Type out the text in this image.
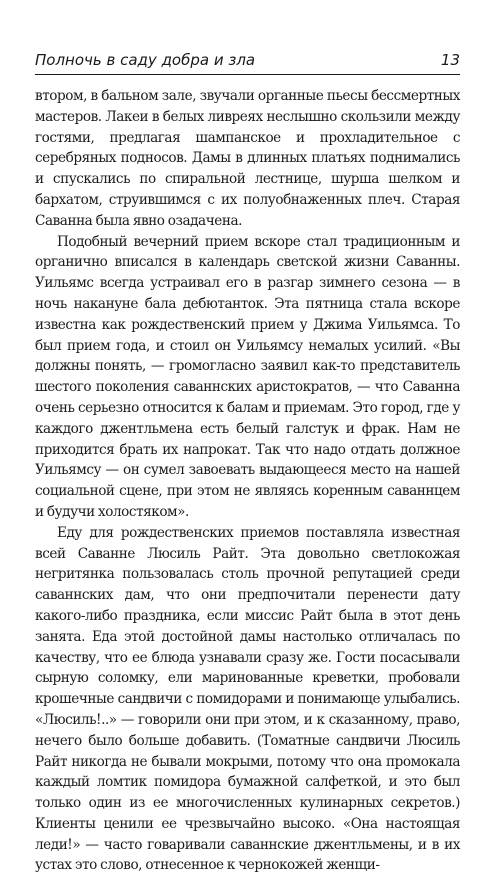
Полночь в саду добра и зла	13

втором, в бальном зале, звучали органные пьесы бессмертных мастеров. Лакеи в белых ливреях неслышно скользили между гостями, предлагая шампанское и прохладительное с серебряных подносов. Дамы в длинных платьях поднимались и спускались по спиральной лестнице, шурша шелком и бархатом, струившимся с их полуобнаженных плеч. Старая Саванна была явно озадачена.

Подобный вечерний прием вскоре стал традиционным и органично вписался в календарь светской жизни Саванны. Уильямс всегда устраивал его в разгар зимнего сезона — в ночь накануне бала дебютанток. Эта пятница стала вскоре известна как рождественский прием у Джима Уильямса. То был прием года, и стоил он Уильямсу немалых усилий. «Вы должны понять, — громогласно заявил как-то представитель шестого поколения саваннских аристократов, — что Саванна очень серьезно относится к балам и приемам. Это город, где у каждого джентльмена есть белый галстук и фрак. Нам не приходится брать их напрокат. Так что надо отдать должное Уильямсу — он сумел завоевать выдающееся место на нашей социальной сцене, при этом не являясь коренным саваннцем и будучи холостяком».

Еду для рождественских приемов поставляла известная всей Саванне Люсиль Райт. Эта довольно светлокожая негритянка пользовалась столь прочной репутацией среди саваннских дам, что они предпочитали перенести дату какого-либо праздника, если миссис Райт была в этот день занята. Еда этой достойной дамы настолько отличалась по качеству, что ее блюда узнавали сразу же. Гости посасывали сырную соломку, ели маринованные креветки, пробовали крошечные сандвичи с помидорами и понимающе улыбались. «Люсиль!..» — говорили они при этом, и к сказанному, право, нечего было больше добавить. (Томатные сандвичи Люсиль Райт никогда не бывали мокрыми, потому что она промокала каждый ломтик помидора бумажной салфеткой, и это был только один из ее многочисленных кулинарных секретов.) Клиенты ценили ее чрезвычайно высоко. «Она настоящая леди!» — часто говаривали саваннские джентльмены, и в их устах это слово, отнесенное к чернокожей женщи-
